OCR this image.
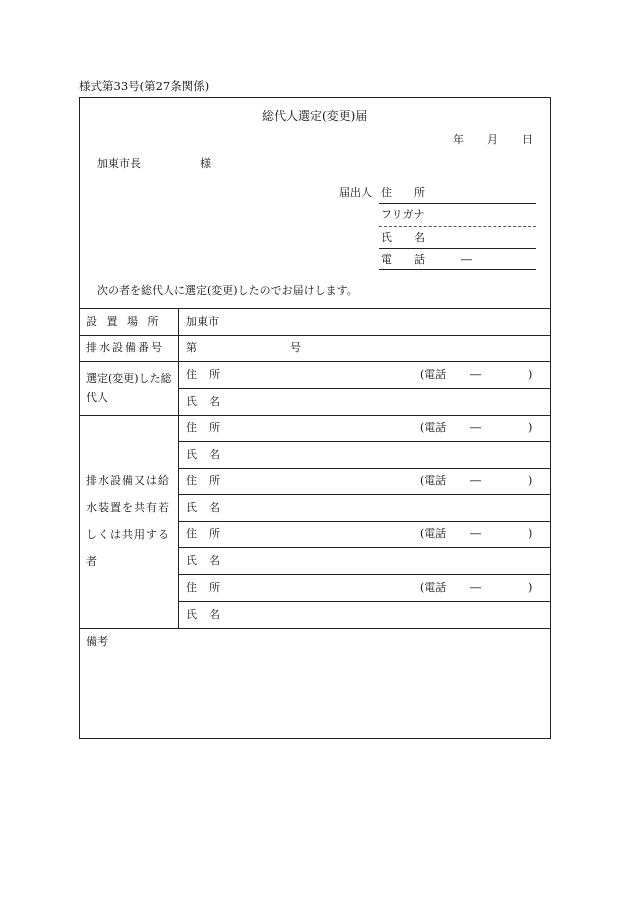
様式第33号(第27条関係)
総代人選定(変更)届
年 月 日
加東市長	様
届出人 住 所
フリガナ
氏 名
電 話	―
次の者を総代人に選定(変更)したのでお届けします。
設 置 場 所	加東市
排水設備番号 第	号
選定(変更)した総代人
住 所	(電話 ―	)
氏 名
排水設備又は給水装置を共有若しくは共用する者
住 所	(電話 ―	)
氏 名
住 所	(電話 ―	)
氏 名
住 所	(電話 ―	)
氏 名
住 所	(電話 ―	)
氏 名
備考
